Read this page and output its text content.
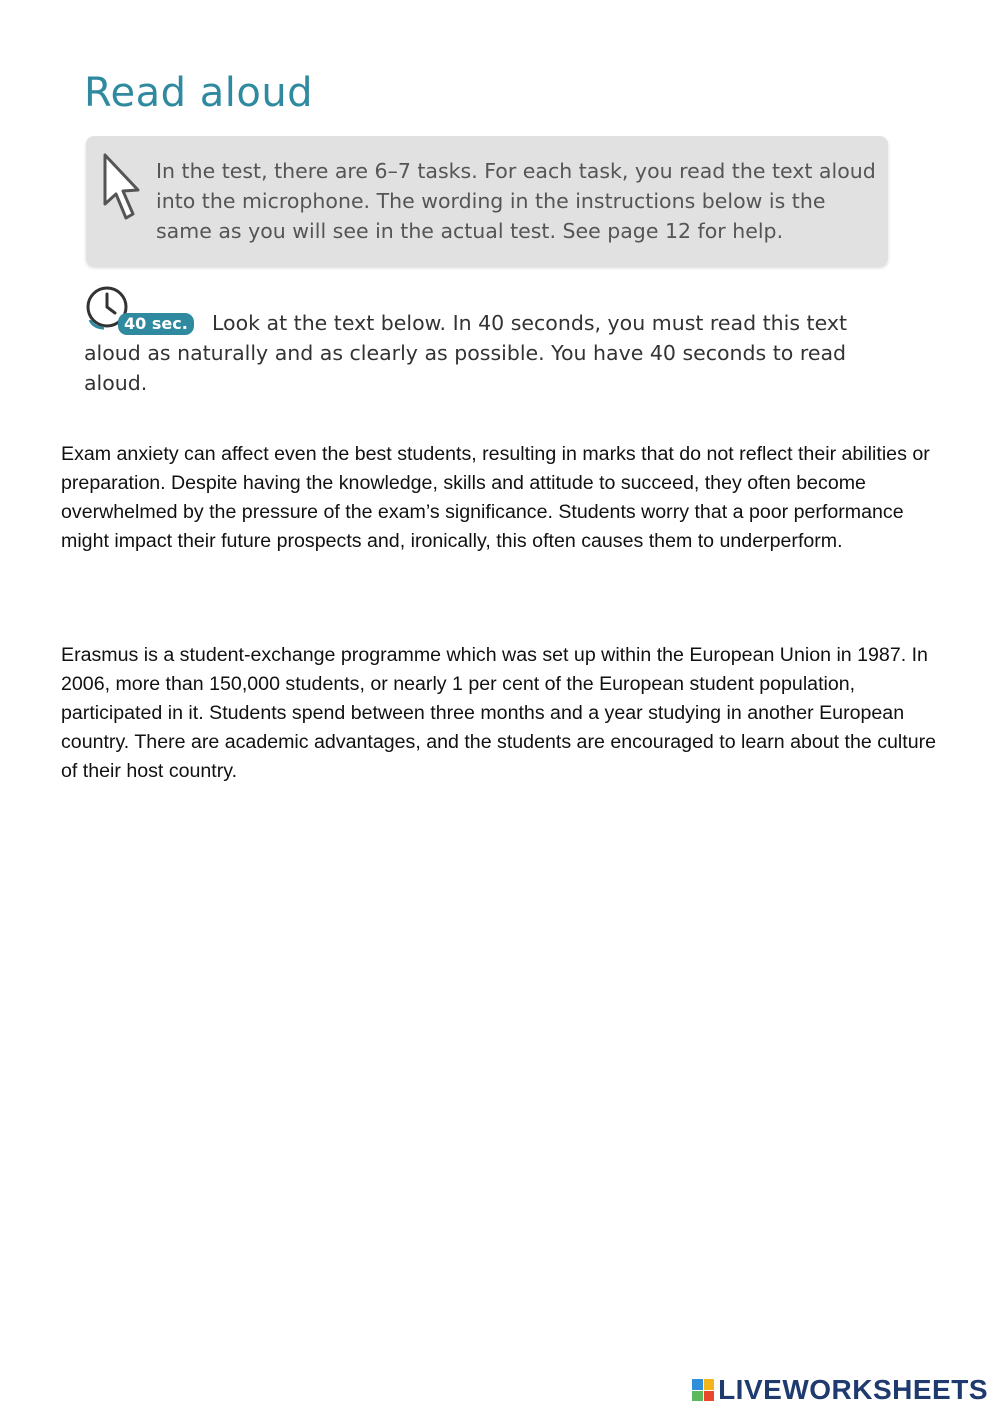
Read aloud
In the test, there are 6–7 tasks. For each task, you read the text aloud into the microphone. The wording in the instructions below is the same as you will see in the actual test. See page 12 for help.
40 sec.	Look at the text below. In 40 seconds, you must read this text aloud as naturally and as clearly as possible. You have 40 seconds to read aloud.

Exam anxiety can affect even the best students, resulting in marks that do not reflect their abilities or preparation. Despite having the knowledge, skills and attitude to succeed, they often become overwhelmed by the pressure of the exam’s significance. Students worry that a poor performance might impact their future prospects and, ironically, this often causes them to underperform.

Erasmus is a student-exchange programme which was set up within the European Union in 1987. In 2006, more than 150,000 students, or nearly 1 per cent of the European student population, participated in it. Students spend between three months and a year studying in another European country. There are academic advantages, and the students are encouraged to learn about the culture of their host country.

LIVEWORKSHEETS
